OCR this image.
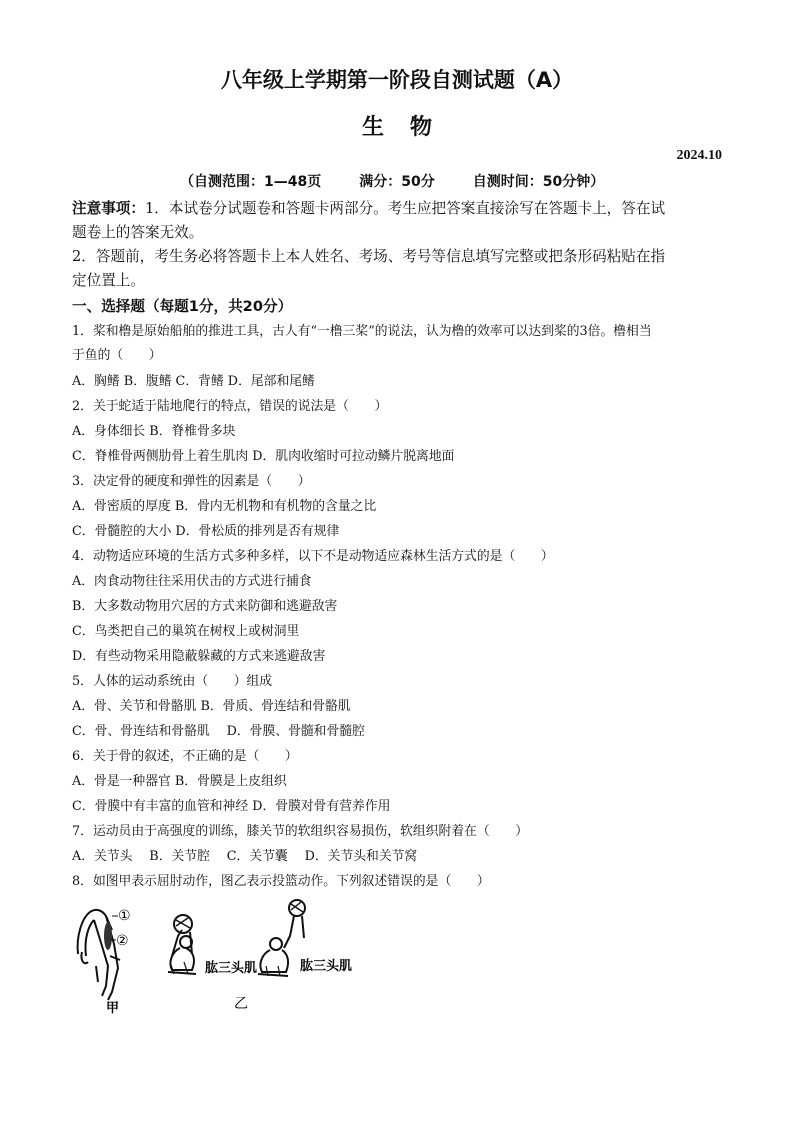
八年级上学期第一阶段自测试题（A）
生物
2024.10
（自测范围：1—48页	满分：50分	自测时间：50分钟）
注意事项：1．本试卷分试题卷和答题卡两部分。考生应把答案直接涂写在答题卡上，答在试
题卷上的答案无效。
2．答题前，考生务必将答题卡上本人姓名、考场、考号等信息填写完整或把条形码粘贴在指
定位置上。
一、选择题（每题1分，共20分）
1．桨和橹是原始船舶的推进工具，古人有“一橹三桨”的说法，认为橹的效率可以达到桨的3倍。橹相当
于鱼的（　　）
A．胸鳍 B．腹鳍 C．背鳍 D．尾部和尾鳍
2．关于蛇适于陆地爬行的特点，错误的说法是（　　）
A．身体细长 B．脊椎骨多块
C．脊椎骨两侧肋骨上着生肌肉 D．肌肉收缩时可拉动鳞片脱离地面
3．决定骨的硬度和弹性的因素是（　　）
A．骨密质的厚度 B．骨内无机物和有机物的含量之比
C．骨髓腔的大小 D．骨松质的排列是否有规律
4．动物适应环境的生活方式多种多样，以下不是动物适应森林生活方式的是（　　）
A．肉食动物往往采用伏击的方式进行捕食
B．大多数动物用穴居的方式来防御和逃避敌害
C．鸟类把自己的巢筑在树杈上或树洞里
D．有些动物采用隐蔽躲藏的方式来逃避敌害
5．人体的运动系统由（　　）组成
A．骨、关节和骨骼肌 B．骨质、骨连结和骨骼肌
C．骨、骨连结和骨骼肌　 D．骨膜、骨髓和骨髓腔
6．关于骨的叙述，不正确的是（　　）
A．骨是一种器官 B．骨膜是上皮组织
C．骨膜中有丰富的血管和神经 D．骨膜对骨有营养作用
7．运动员由于高强度的训练，膝关节的软组织容易损伤，软组织附着在（　　）
A．关节头　 B．关节腔　 C．关节囊　 D．关节头和关节窝
8．如图甲表示屈肘动作，图乙表示投篮动作。下列叙述错误的是（　　）
①
②
肱三头肌	肱三头肌
甲	乙
